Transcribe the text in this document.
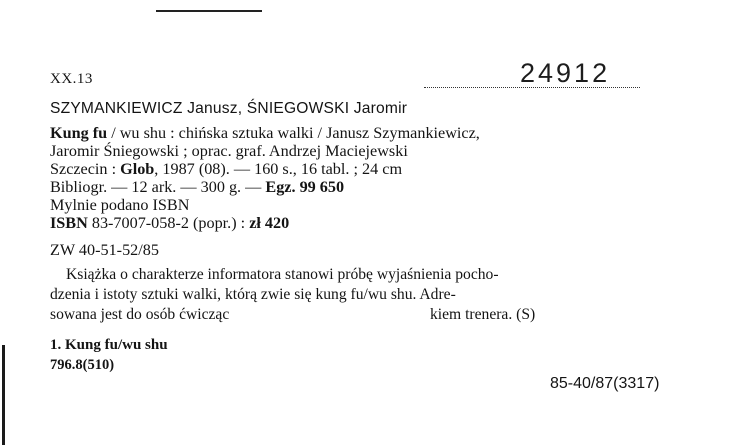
XX.13	24912
SZYMANKIEWICZ Janusz, ŚNIEGOWSKI Jaromir
Kung fu / wu shu : chińska sztuka walki / Janusz Szymankiewicz,
Jaromir Śniegowski ; oprac. graf. Andrzej Maciejewski
Szczecin : Glob, 1987 (08). — 160 s., 16 tabl. ; 24 cm
Bibliogr. — 12 ark. — 300 g. — Egz. 99 650
Mylnie podano ISBN
ISBN 83-7007-058-2 (popr.) : zł 420
ZW 40-51-52/85
Książka o charakterze informatora stanowi próbę wyjaśnienia pocho-
dzenia i istoty sztuki walki, którą zwie się kung fu/wu shu. Adre-
sowana jest do osób ćwicząc	kiem trenera. (S)
1. Kung fu/wu shu
796.8(510)
85-40/87(3317)
